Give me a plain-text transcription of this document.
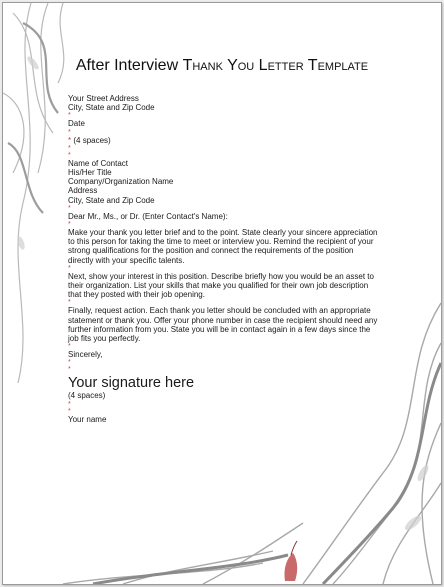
After Interview Thank You Letter Template
Your Street Address
City, State and Zip Code
*
Date
*
* (4 spaces)
*
*
Name of Contact
His/Her Title
Company/Organization Name
Address
City, State and Zip Code
*
Dear Mr., Ms., or Dr. (Enter Contact's Name):
*
Make your thank you letter brief and to the point. State clearly your sincere appreciation to this person for taking the time to meet or interview you. Remind the recipient of your strong qualifications for the position and connect the requirements of the position directly with your specific talents.
*
Next, show your interest in this position. Describe briefly how you would be an asset to their organization. List your skills that make you qualified for their own job description that they posted with their job opening.
*
Finally, request action. Each thank you letter should be concluded with an appropriate statement or thank you. Offer your phone number in case the recipient should need any further information from you. State you will be in contact again in a few days since the job fits you perfectly.
*
Sincerely,
*
*
Your signature here
(4 spaces)
*
*
Your name
